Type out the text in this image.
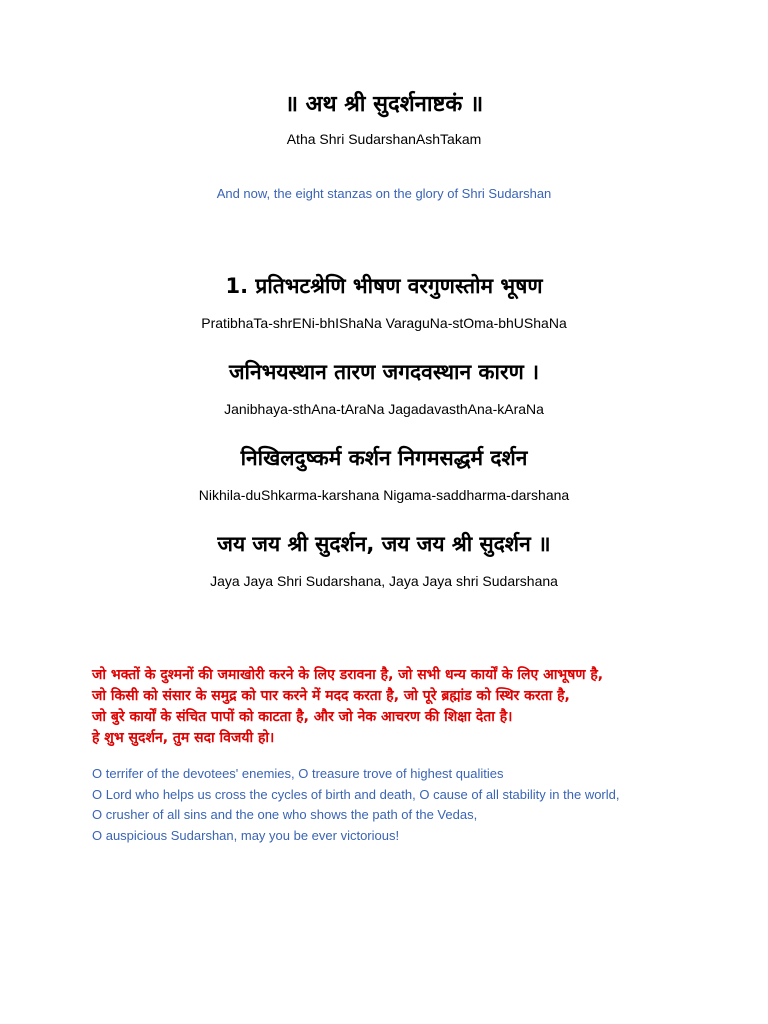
॥ अथ श्री सुदर्शनाष्टकं ॥
Atha Shri SudarshanAshTakam
And now, the eight stanzas on the glory of Shri Sudarshan
1. प्रतिभटश्रेणि भीषण वरगुणस्तोम भूषण
PratibhaTa-shrENi-bhIShaNa VaraguNa-stOma-bhUShaNa
जनिभयस्थान तारण जगदवस्थान कारण ।
Janibhaya-sthAna-tAraNa JagadavasthAna-kAraNa
निखिलदुष्कर्म कर्शन निगमसद्धर्म दर्शन
Nikhila-duShkarma-karshana Nigama-saddharma-darshana
जय जय श्री सुदर्शन, जय जय श्री सुदर्शन ॥
Jaya Jaya Shri Sudarshana, Jaya Jaya shri Sudarshana
जो भक्तों के दुश्मनों की जमाखोरी करने के लिए डरावना है, जो सभी धन्य कार्यों के लिए आभूषण है,
जो किसी को संसार के समुद्र को पार करने में मदद करता है, जो पूरे ब्रह्मांड को स्थिर करता है,
जो बुरे कार्यों के संचित पापों को काटता है, और जो नेक आचरण की शिक्षा देता है।
हे शुभ सुदर्शन, तुम सदा विजयी हो।
O terrifer of the devotees' enemies, O treasure trove of highest qualities
O Lord who helps us cross the cycles of birth and death, O cause of all stability in the world,
O crusher of all sins and the one who shows the path of the Vedas,
O auspicious Sudarshan, may you be ever victorious!
